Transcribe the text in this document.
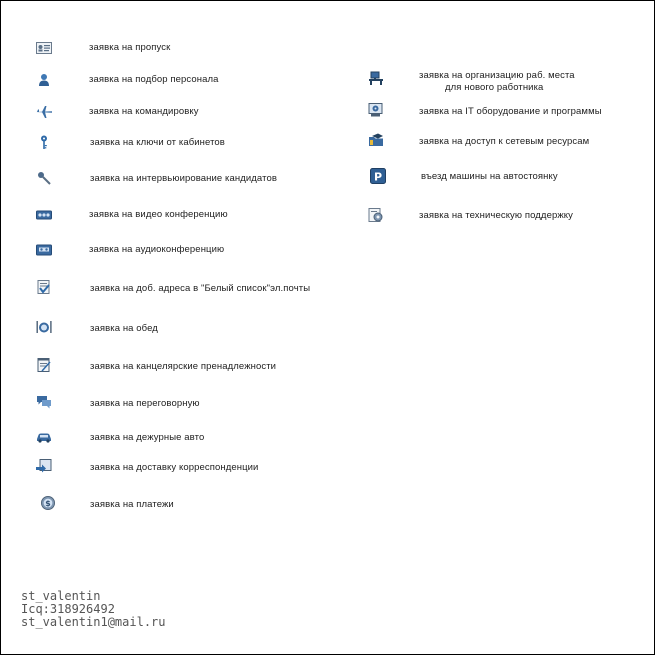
заявка на пропуск
заявка на подбор персонала
заявка на командировку
заявка на ключи от кабинетов
заявка на интервьюирование кандидатов
заявка на видео конференцию
заявка на аудиоконференцию
заявка на доб. адреса в "Белый список"эл.почты
заявка на обед
заявка на канцелярские пренадлежности
заявка на переговорную
заявка на дежурные авто
заявка на доставку корреспонденции
$	заявка на платежи
заявка на организацию раб. места
для нового работника
заявка на IT оборудование и программы
заявка на доступ к сетевым ресурсам
P	въезд машины на автостоянку
заявка на техническую поддержку
st_valentin
Icq:318926492
st_valentin1@mail.ru
